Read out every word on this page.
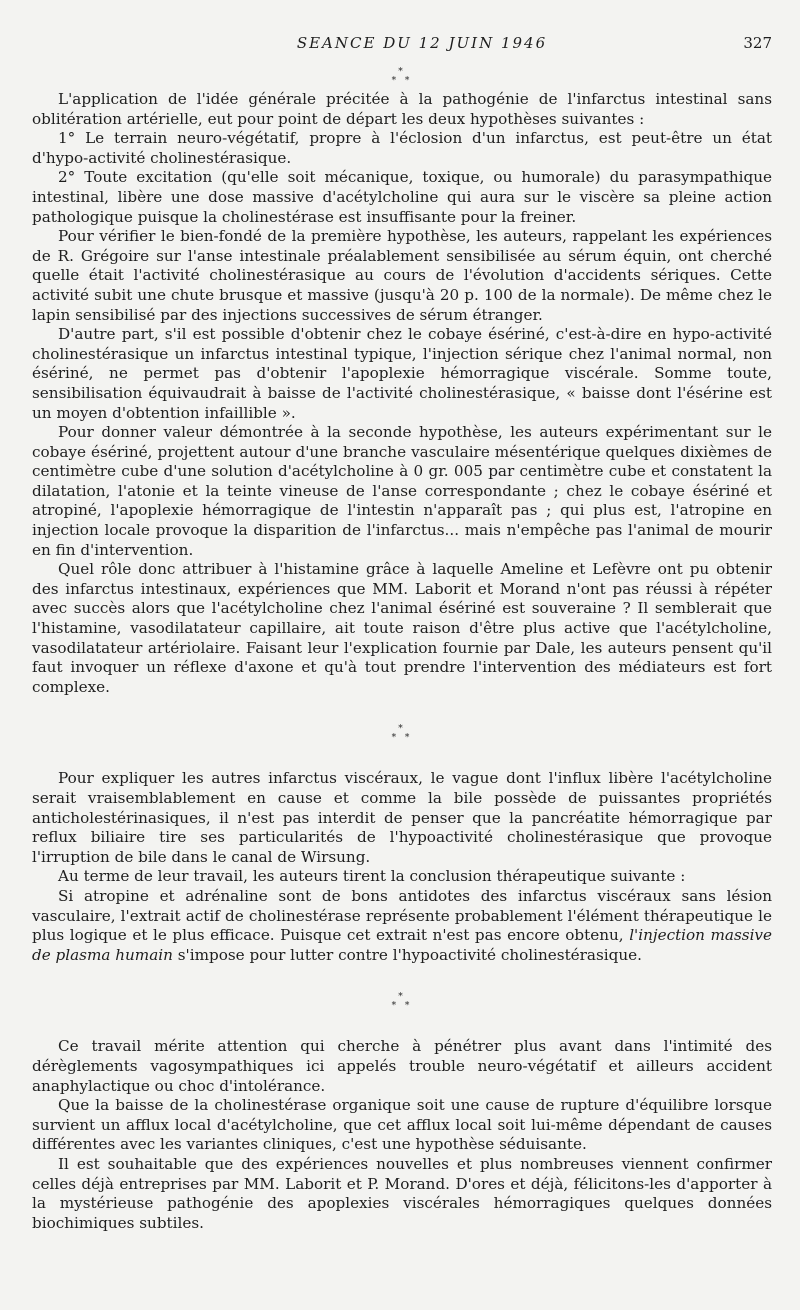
SEANCE DU 12 JUIN 1946	327
*
* *

L'application de l'idée générale précitée à la pathogénie de l'infarctus intestinal sans oblitération artérielle, eut pour point de départ les deux hypothèses suivantes :

1° Le terrain neuro-végétatif, propre à l'éclosion d'un infarctus, est peut-être un état d'hypo-activité cholinestérasique.

2° Toute excitation (qu'elle soit mécanique, toxique, ou humorale) du parasympathique intestinal, libère une dose massive d'acétylcholine qui aura sur le viscère sa pleine action pathologique puisque la cholinestérase est insuffisante pour la freiner.

Pour vérifier le bien-fondé de la première hypothèse, les auteurs, rappelant les expériences de R. Grégoire sur l'anse intestinale préalablement sensibilisée au sérum équin, ont cherché quelle était l'activité cholinestérasique au cours de l'évolution d'accidents sériques. Cette activité subit une chute brusque et massive (jusqu'à 20 p. 100 de la normale). De même chez le lapin sensibilisé par des injections successives de sérum étranger.

D'autre part, s'il est possible d'obtenir chez le cobaye ésériné, c'est-à-dire en hypo-activité cholinestérasique un infarctus intestinal typique, l'injection sérique chez l'animal normal, non ésériné, ne permet pas d'obtenir l'apoplexie hémorragique viscérale. Somme toute, sensibilisation équivaudrait à baisse de l'activité cholinestérasique, « baisse dont l'ésérine est un moyen d'obtention infaillible ».

Pour donner valeur démontrée à la seconde hypothèse, les auteurs expérimentant sur le cobaye ésériné, projettent autour d'une branche vasculaire mésentérique quelques dixièmes de centimètre cube d'une solution d'acétylcholine à 0 gr. 005 par centimètre cube et constatent la dilatation, l'atonie et la teinte vineuse de l'anse correspondante ; chez le cobaye ésériné et atropiné, l'apoplexie hémorragique de l'intestin n'apparaît pas ; qui plus est, l'atropine en injection locale provoque la disparition de l'infarctus... mais n'empêche pas l'animal de mourir en fin d'intervention.

Quel rôle donc attribuer à l'histamine grâce à laquelle Ameline et Lefèvre ont pu obtenir des infarctus intestinaux, expériences que MM. Laborit et Morand n'ont pas réussi à répéter avec succès alors que l'acétylcholine chez l'animal ésériné est souveraine ? Il semblerait que l'histamine, vasodilatateur capillaire, ait toute raison d'être plus active que l'acétylcholine, vasodilatateur artériolaire. Faisant leur l'explication fournie par Dale, les auteurs pensent qu'il faut invoquer un réflexe d'axone et qu'à tout prendre l'intervention des médiateurs est fort complexe.

*
* *

Pour expliquer les autres infarctus viscéraux, le vague dont l'influx libère l'acétylcholine serait vraisemblablement en cause et comme la bile possède de puissantes propriétés anticholestérinasiques, il n'est pas interdit de penser que la pancréatite hémorragique par reflux biliaire tire ses particularités de l'hypoactivité cholinestérasique que provoque l'irruption de bile dans le canal de Wirsung.

Au terme de leur travail, les auteurs tirent la conclusion thérapeutique suivante :

Si atropine et adrénaline sont de bons antidotes des infarctus viscéraux sans lésion vasculaire, l'extrait actif de cholinestérase représente probablement l'élément thérapeutique le plus logique et le plus efficace. Puisque cet extrait n'est pas encore obtenu, l'injection massive de plasma humain s'impose pour lutter contre l'hypoactivité cholinestérasique.

*
* *

Ce travail mérite attention qui cherche à pénétrer plus avant dans l'intimité des dérèglements vagosympathiques ici appelés trouble neuro-végétatif et ailleurs accident anaphylactique ou choc d'intolérance.

Que la baisse de la cholinestérase organique soit une cause de rupture d'équilibre lorsque survient un afflux local d'acétylcholine, que cet afflux local soit lui-même dépendant de causes différentes avec les variantes cliniques, c'est une hypothèse séduisante.

Il est souhaitable que des expériences nouvelles et plus nombreuses viennent confirmer celles déjà entreprises par MM. Laborit et P. Morand. D'ores et déjà, félicitons-les d'apporter à la mystérieuse pathogénie des apoplexies viscérales hémorragiques quelques données biochimiques subtiles.
